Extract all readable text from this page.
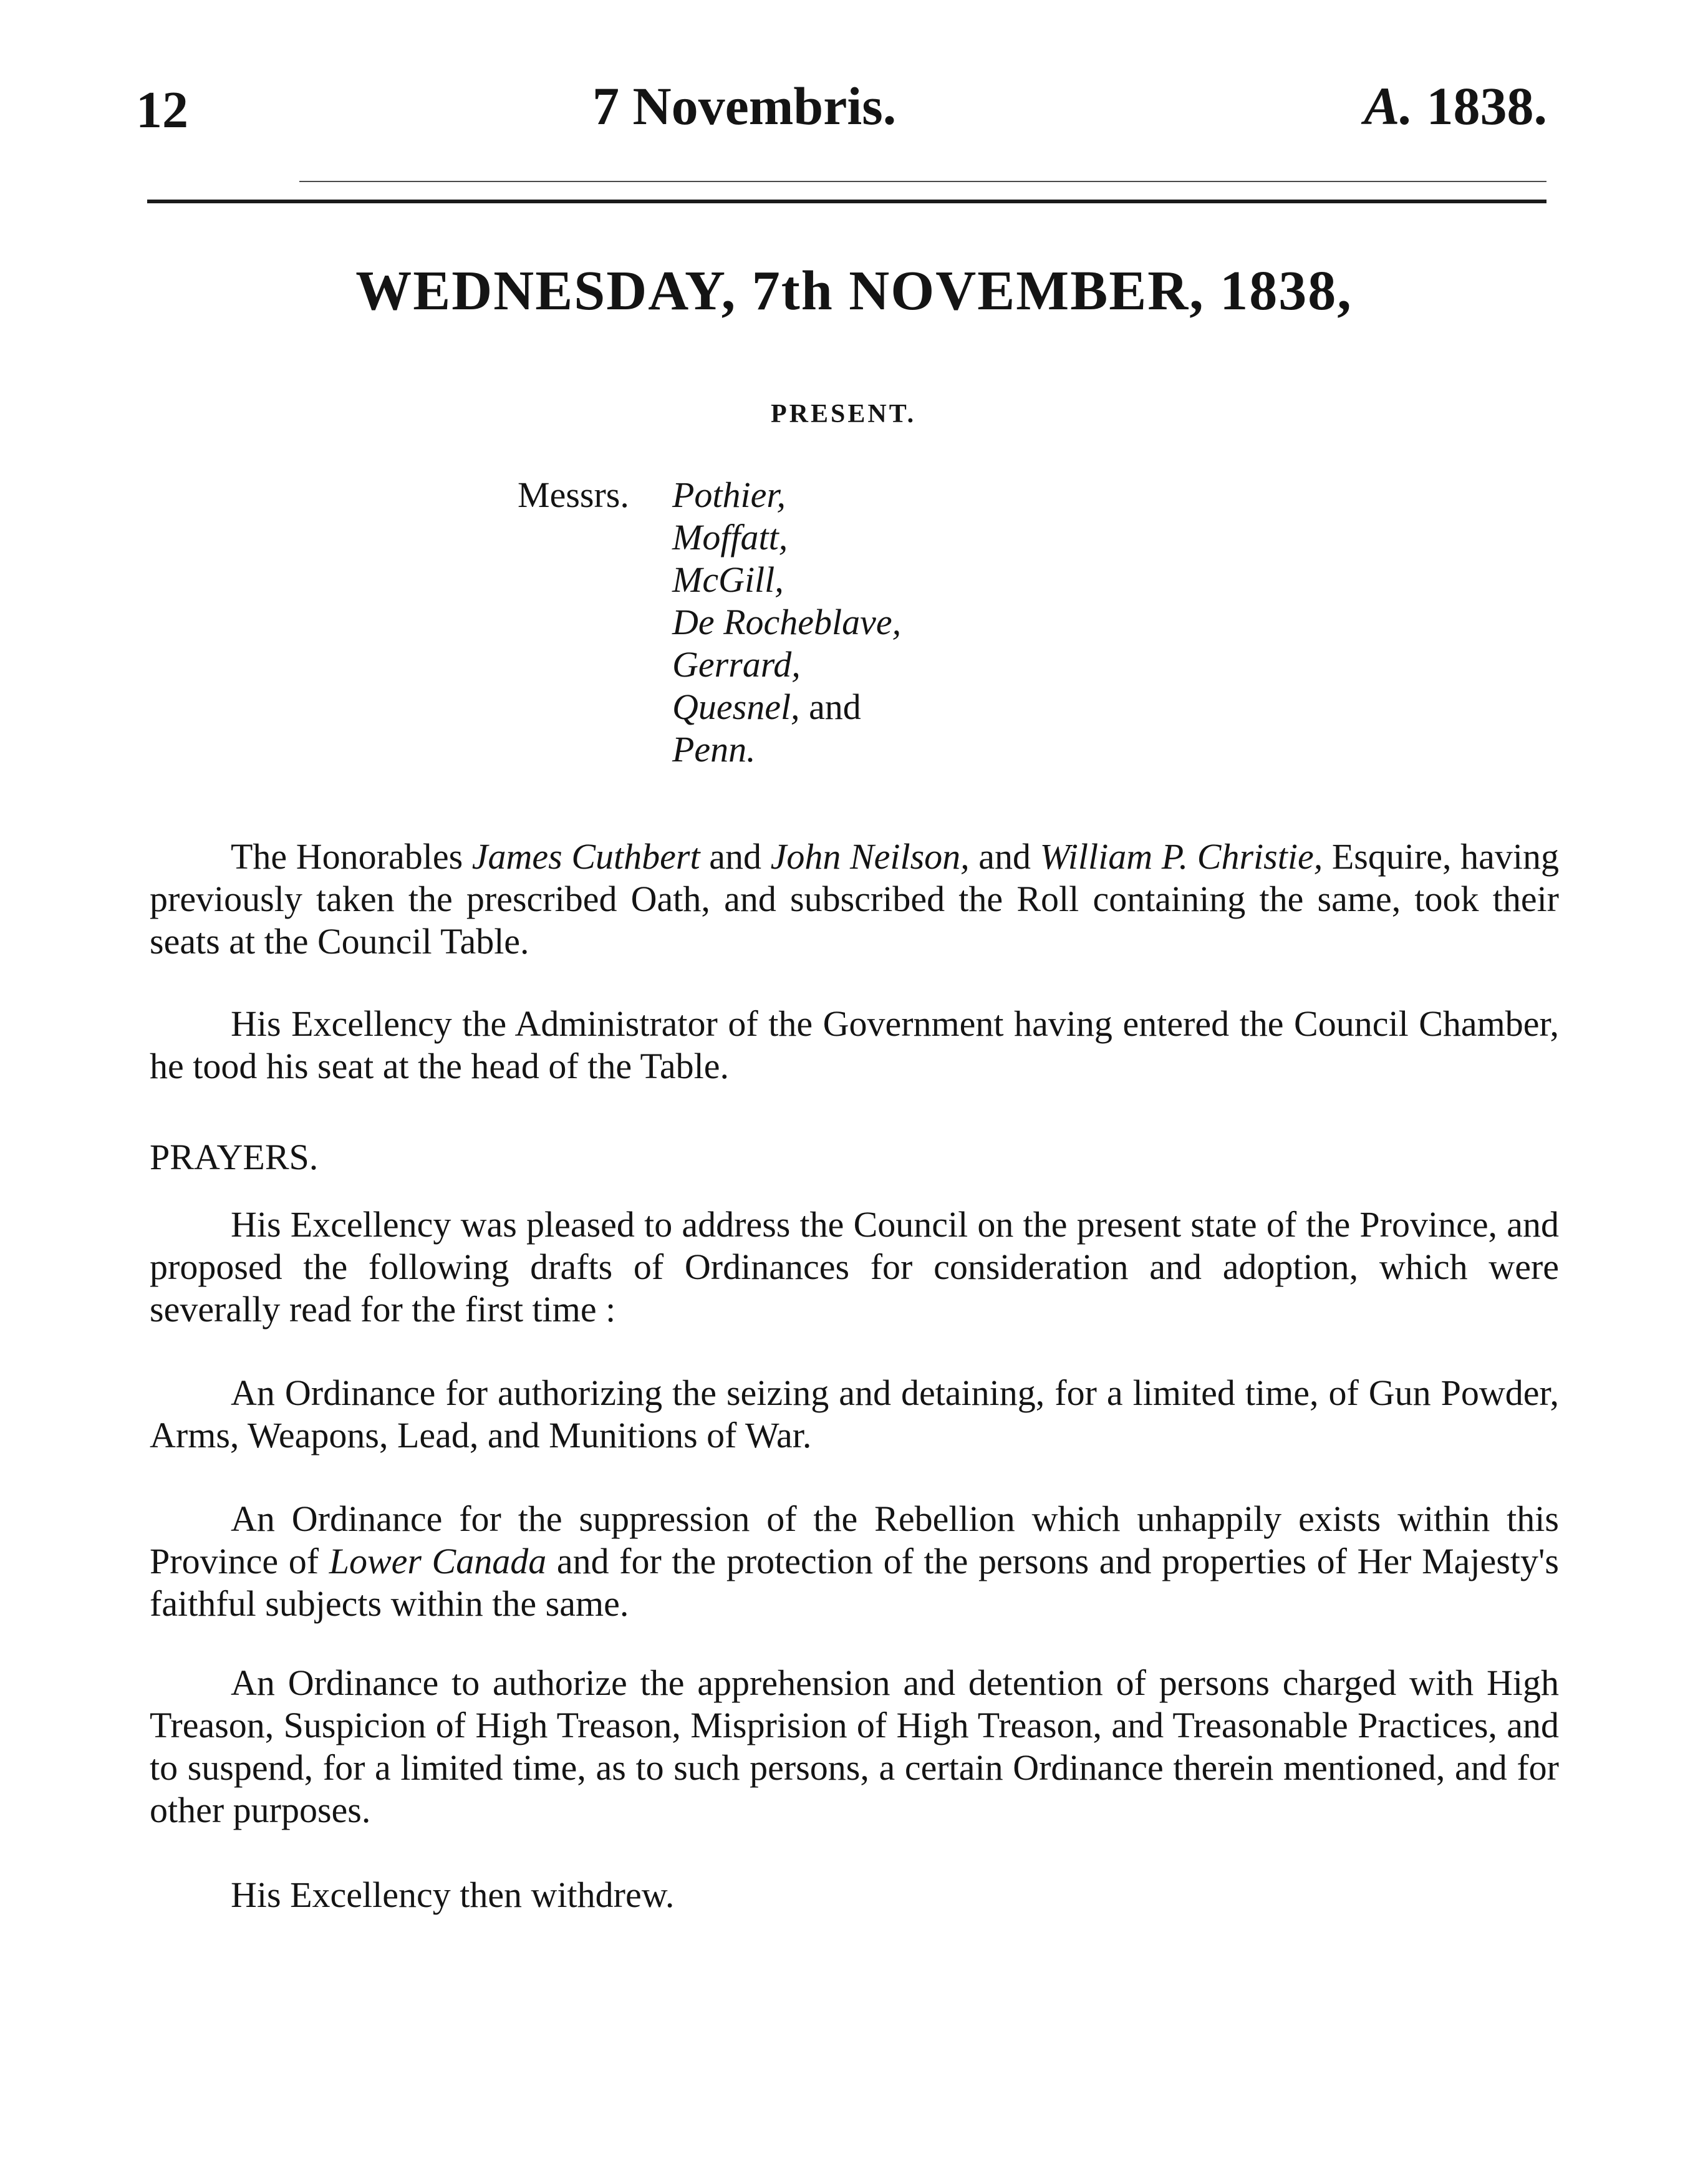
12	7 Novembris.	A. 1838.
WEDNESDAY, 7th NOVEMBER, 1838,
PRESENT.
Messrs. Pothier,
Moffatt,
McGill,
De Rocheblave,
Gerrard,
Quesnel, and
Penn.

The Honorables James Cuthbert and John Neilson, and William P. Christie, Esquire, having previously taken the prescribed Oath, and subscribed the Roll containing the same, took their seats at the Council Table.

His Excellency the Administrator of the Government having entered the Council Chamber, he tood his seat at the head of the Table.

PRAYERS.

His Excellency was pleased to address the Council on the present state of the Province, and proposed the following drafts of Ordinances for consideration and adoption, which were severally read for the first time :

An Ordinance for authorizing the seizing and detaining, for a limited time, of Gun Powder, Arms, Weapons, Lead, and Munitions of War.

An Ordinance for the suppression of the Rebellion which unhappily exists within this Province of Lower Canada and for the protection of the persons and properties of Her Majesty's faithful subjects within the same.

An Ordinance to authorize the apprehension and detention of persons charged with High Treason, Suspicion of High Treason, Misprision of High Treason, and Treasonable Practices, and to suspend, for a limited time, as to such persons, a certain Ordinance therein mentioned, and for other purposes.

His Excellency then withdrew.
